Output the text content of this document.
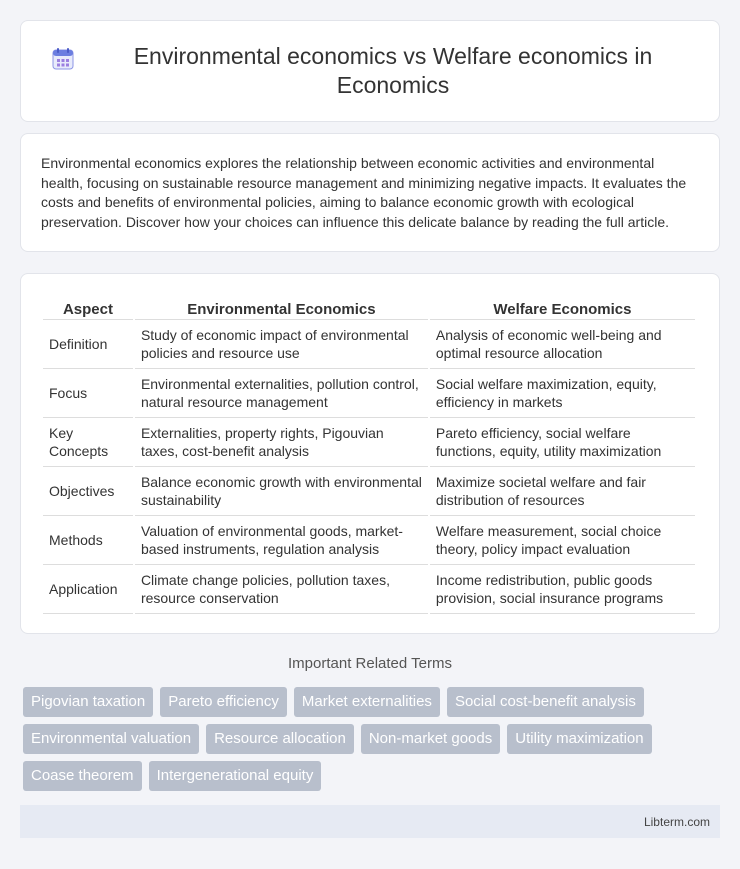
Environmental economics vs Welfare economics in Economics

Environmental economics explores the relationship between economic activities and environmental health, focusing on sustainable resource management and minimizing negative impacts. It evaluates the costs and benefits of environmental policies, aiming to balance economic growth with ecological preservation. Discover how your choices can influence this delicate balance by reading the full article.

Aspect	Environmental Economics	Welfare Economics
Definition	Study of economic impact of environmental policies and resource use	Analysis of economic well-being and optimal resource allocation
Focus	Environmental externalities, pollution control, natural resource management	Social welfare maximization, equity, efficiency in markets
Key Concepts	Externalities, property rights, Pigouvian taxes, cost-benefit analysis	Pareto efficiency, social welfare functions, equity, utility maximization
Objectives	Balance economic growth with environmental sustainability	Maximize societal welfare and fair distribution of resources
Methods	Valuation of environmental goods, market-based instruments, regulation analysis	Welfare measurement, social choice theory, policy impact evaluation
Application	Climate change policies, pollution taxes, resource conservation	Income redistribution, public goods provision, social insurance programs
Important Related Terms
Pigovian taxation	Pareto efficiency	Market externalities	Social cost-benefit analysis
Environmental valuation	Resource allocation	Non-market goods	Utility maximization
Coase theorem	Intergenerational equity
Libterm.com
